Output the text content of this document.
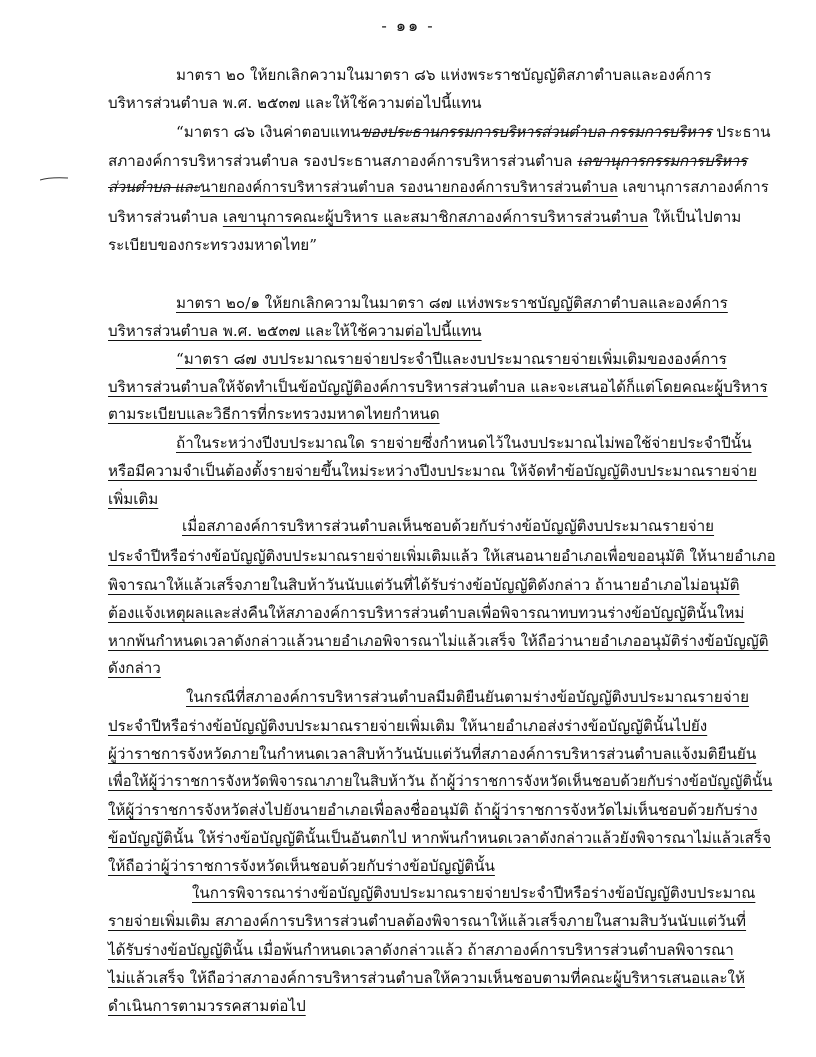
- ๑๑ -
มาตรา ๒๐ ให้ยกเลิกความในมาตรา ๘๖ แห่งพระราชบัญญัติสภาตำบลและองค์การ
บริหารส่วนตำบล พ.ศ. ๒๕๓๗ และให้ใช้ความต่อไปนี้แทน
“มาตรา ๘๖ เงินค่าตอบแทนของประธานกรรมการบริหารส่วนตำบล กรรมการบริหาร ประธาน
สภาองค์การบริหารส่วนตำบล รองประธานสภาองค์การบริหารส่วนตำบล เลขานุการกรรมการบริหาร
ส่วนตำบล และนายกองค์การบริหารส่วนตำบล รองนายกองค์การบริหารส่วนตำบล เลขานุการสภาองค์การ
บริหารส่วนตำบล เลขานุการคณะผู้บริหาร และสมาชิกสภาองค์การบริหารส่วนตำบล ให้เป็นไปตาม
ระเบียบของกระทรวงมหาดไทย”
มาตรา ๒๐/๑ ให้ยกเลิกความในมาตรา ๘๗ แห่งพระราชบัญญัติสภาตำบลและองค์การ
บริหารส่วนตำบล พ.ศ. ๒๕๓๗ และให้ใช้ความต่อไปนี้แทน
“มาตรา ๘๗ งบประมาณรายจ่ายประจำปีและงบประมาณรายจ่ายเพิ่มเติมขององค์การ
บริหารส่วนตำบลให้จัดทำเป็นข้อบัญญัติองค์การบริหารส่วนตำบล และจะเสนอได้ก็แต่โดยคณะผู้บริหาร
ตามระเบียบและวิธีการที่กระทรวงมหาดไทยกำหนด
ถ้าในระหว่างปีงบประมาณใด รายจ่ายซึ่งกำหนดไว้ในงบประมาณไม่พอใช้จ่ายประจำปีนั้น
หรือมีความจำเป็นต้องตั้งรายจ่ายขึ้นใหม่ระหว่างปีงบประมาณ ให้จัดทำข้อบัญญัติงบประมาณรายจ่าย
เพิ่มเติม
เมื่อสภาองค์การบริหารส่วนตำบลเห็นชอบด้วยกับร่างข้อบัญญัติงบประมาณรายจ่าย
ประจำปีหรือร่างข้อบัญญัติงบประมาณรายจ่ายเพิ่มเติมแล้ว ให้เสนอนายอำเภอเพื่อขออนุมัติ ให้นายอำเภอ
พิจารณาให้แล้วเสร็จภายในสิบห้าวันนับแต่วันที่ได้รับร่างข้อบัญญัติดังกล่าว ถ้านายอำเภอไม่อนุมัติ
ต้องแจ้งเหตุผลและส่งคืนให้สภาองค์การบริหารส่วนตำบลเพื่อพิจารณาทบทวนร่างข้อบัญญัตินั้นใหม่
หากพ้นกำหนดเวลาดังกล่าวแล้วนายอำเภอพิจารณาไม่แล้วเสร็จ ให้ถือว่านายอำเภออนุมัติร่างข้อบัญญัติ
ดังกล่าว
ในกรณีที่สภาองค์การบริหารส่วนตำบลมีมติยืนยันตามร่างข้อบัญญัติงบประมาณรายจ่าย
ประจำปีหรือร่างข้อบัญญัติงบประมาณรายจ่ายเพิ่มเติม ให้นายอำเภอส่งร่างข้อบัญญัตินั้นไปยัง
ผู้ว่าราชการจังหวัดภายในกำหนดเวลาสิบห้าวันนับแต่วันที่สภาองค์การบริหารส่วนตำบลแจ้งมติยืนยัน
เพื่อให้ผู้ว่าราชการจังหวัดพิจารณาภายในสิบห้าวัน ถ้าผู้ว่าราชการจังหวัดเห็นชอบด้วยกับร่างข้อบัญญัตินั้น
ให้ผู้ว่าราชการจังหวัดส่งไปยังนายอำเภอเพื่อลงชื่ออนุมัติ ถ้าผู้ว่าราชการจังหวัดไม่เห็นชอบด้วยกับร่าง
ข้อบัญญัตินั้น ให้ร่างข้อบัญญัตินั้นเป็นอันตกไป หากพ้นกำหนดเวลาดังกล่าวแล้วยังพิจารณาไม่แล้วเสร็จ
ให้ถือว่าผู้ว่าราชการจังหวัดเห็นชอบด้วยกับร่างข้อบัญญัตินั้น
ในการพิจารณาร่างข้อบัญญัติงบประมาณรายจ่ายประจำปีหรือร่างข้อบัญญัติงบประมาณ
รายจ่ายเพิ่มเติม สภาองค์การบริหารส่วนตำบลต้องพิจารณาให้แล้วเสร็จภายในสามสิบวันนับแต่วันที่
ได้รับร่างข้อบัญญัตินั้น เมื่อพ้นกำหนดเวลาดังกล่าวแล้ว ถ้าสภาองค์การบริหารส่วนตำบลพิจารณา
ไม่แล้วเสร็จ ให้ถือว่าสภาองค์การบริหารส่วนตำบลให้ความเห็นชอบตามที่คณะผู้บริหารเสนอและให้
ดำเนินการตามวรรคสามต่อไป
